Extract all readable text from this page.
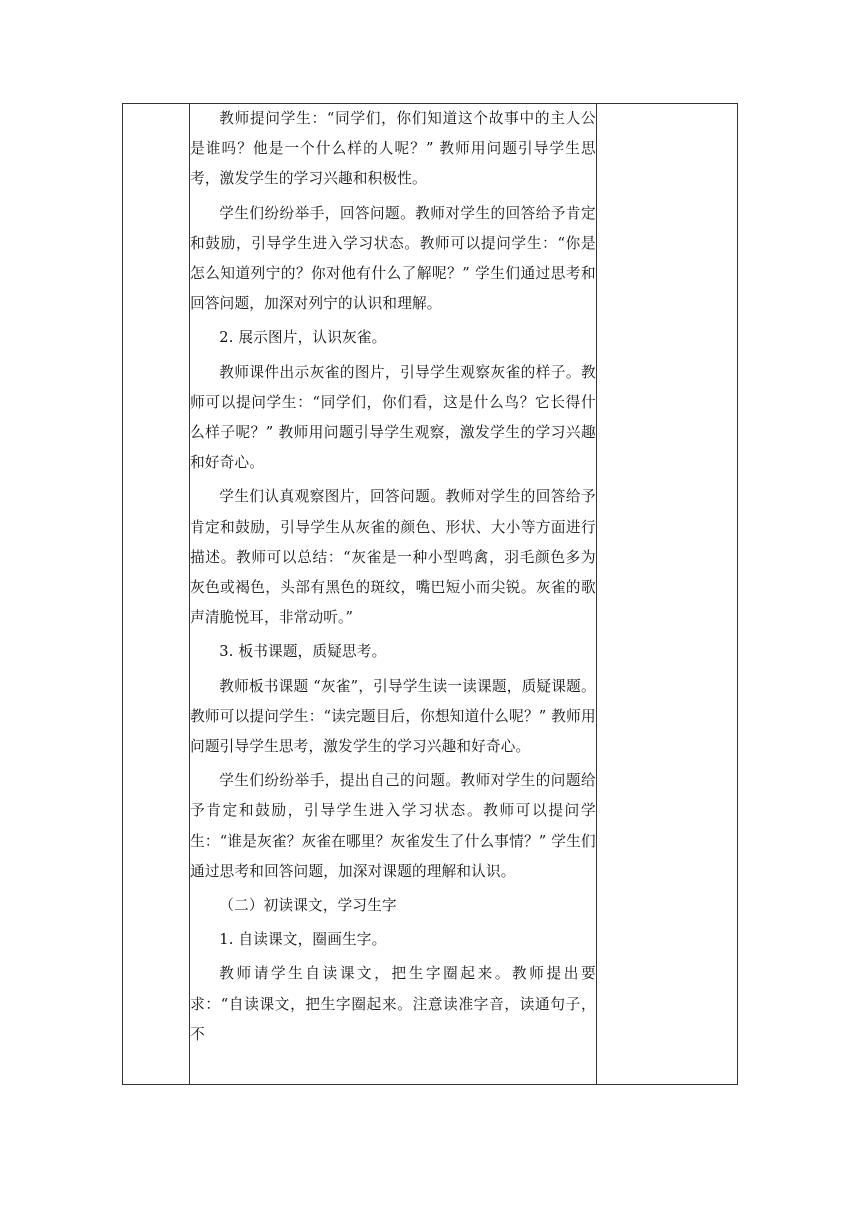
教师提问学生：“同学们，你们知道这个故事中的主人公是谁吗？他是一个什么样的人呢？” 教师用问题引导学生思考，激发学生的学习兴趣和积极性。

学生们纷纷举手，回答问题。教师对学生的回答给予肯定和鼓励，引导学生进入学习状态。教师可以提问学生：“你是怎么知道列宁的？你对他有什么了解呢？” 学生们通过思考和回答问题，加深对列宁的认识和理解。

2. 展示图片，认识灰雀。

教师课件出示灰雀的图片，引导学生观察灰雀的样子。教师可以提问学生：“同学们，你们看，这是什么鸟？它长得什么样子呢？” 教师用问题引导学生观察，激发学生的学习兴趣和好奇心。

学生们认真观察图片，回答问题。教师对学生的回答给予肯定和鼓励，引导学生从灰雀的颜色、形状、大小等方面进行描述。教师可以总结：“灰雀是一种小型鸣禽，羽毛颜色多为灰色或褐色，头部有黑色的斑纹，嘴巴短小而尖锐。灰雀的歌声清脆悦耳，非常动听。”

3. 板书课题，质疑思考。

教师板书课题 “灰雀”，引导学生读一读课题，质疑课题。教师可以提问学生：“读完题目后，你想知道什么呢？” 教师用问题引导学生思考，激发学生的学习兴趣和好奇心。

学生们纷纷举手，提出自己的问题。教师对学生的问题给予肯定和鼓励，引导学生进入学习状态。教师可以提问学生：“谁是灰雀？灰雀在哪里？灰雀发生了什么事情？” 学生们通过思考和回答问题，加深对课题的理解和认识。

（二）初读课文，学习生字

1. 自读课文，圈画生字。

教师请学生自读课文，把生字圈起来。教师提出要求：“自读课文，把生字圈起来。注意读准字音，读通句子，不
